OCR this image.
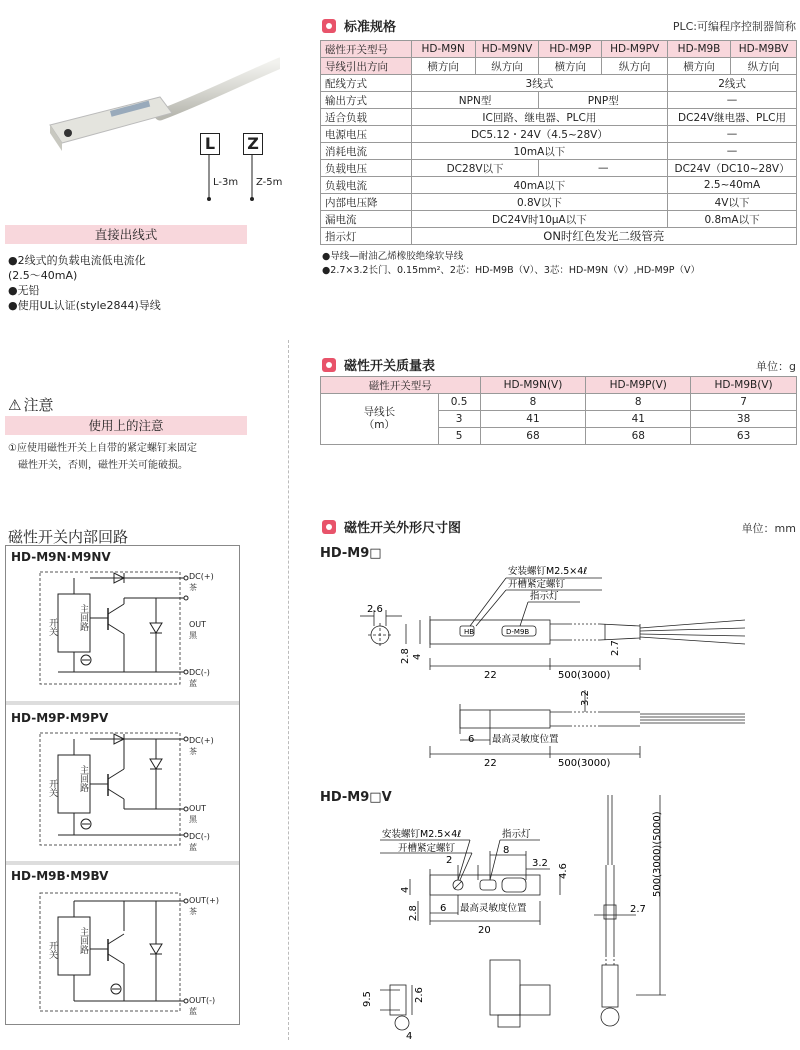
L	Z
L-3m Z-5m
直接出线式
●2线式的负载电流低电流化
(2.5～40mA)
●无铅
●使用UL认证(style2844)导线
⚠ 注意
使用上的注意
①应使用磁性开关上自带的紧定螺钉来固定
磁性开关，否则，磁性开关可能破损。
磁性开关内部回路
HD-M9N·M9NV
主回路
开关
DC(+)
茶
OUT
黑
DC(-)
蓝
HD-M9P·M9PV
主回路
开关
DC(+)
茶
OUT
黑
DC(-)
蓝
HD-M9B·M9BV
主回路
开关
OUT(+)
茶
OUT(-)
蓝
标准规格	PLC:可编程序控制器简称
磁性开关型号	HD-M9N	HD-M9NV	HD-M9P	HD-M9PV	HD-M9B	HD-M9BV
导线引出方向	横方向	纵方向	横方向	纵方向	横方向	纵方向
配线方式	3线式				2线式	
输出方式	NPN型		PNP型		—	
适合负载	IC回路、继电器、PLC用				DC24V继电器、PLC用	
电源电压	DC5.12・24V（4.5~28V）				—	
消耗电流	10mA以下				—	
负载电压	DC28V以下		—		DC24V（DC10~28V）	
负载电流	40mA以下				2.5~40mA	
内部电压降	0.8V以下				4V以下	
漏电流	DC24V时10μA以下				0.8mA以下	
指示灯	ON时红色发光二级管亮					
●导线—耐油乙烯橡胶绝缘软导线
●2.7×3.2长门、0.15mm²、2芯：HD-M9B（V）、3芯：HD-M9N（V）,HD-M9P（V）
磁性开关质量表	单位：g
磁性开关型号		HD-M9N(V)	HD-M9P(V)	HD-M9B(V)

导线长
（m）	0.5	8	8	7
	3	41	41	38
	5	68	68	63
磁性开关外形尺寸图	单位：mm
HD-M9□
2.6
4
2.8
HB	D-M9B
22	500(3000)
2.7
安装螺钉M2.5×4ℓ
开槽紧定螺钉
指示灯
3.2
6 最高灵敏度位置
22	500(3000)
HD-M9□V
安装螺钉M2.5×4ℓ
开槽紧定螺钉
指示灯
2
8
3.2 4.6
4
2.8 6 最高灵敏度位置
20
500(3000)(5000)
2.7
9.5	2.6
4
